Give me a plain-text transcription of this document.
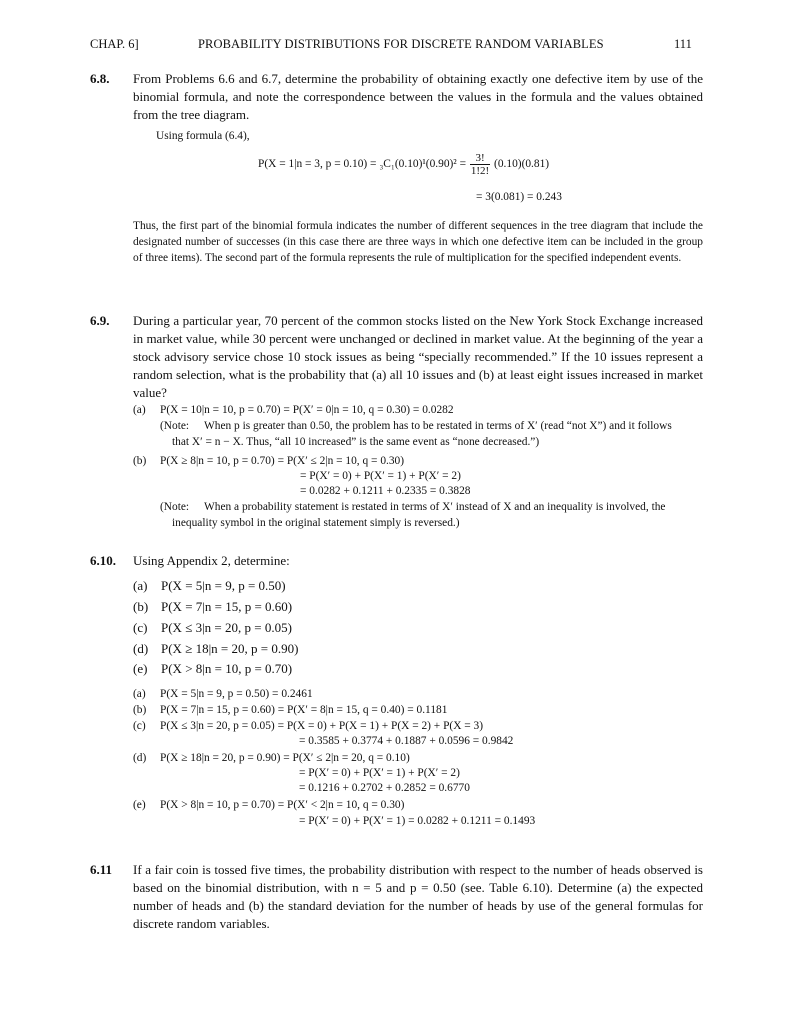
CHAP. 6]	PROBABILITY DISTRIBUTIONS FOR DISCRETE RANDOM VARIABLES	111
6.8. From Problems 6.6 and 6.7, determine the probability of obtaining exactly one defective item by use of the binomial formula, and note the correspondence between the values in the formula and the values obtained from the tree diagram.
Using formula (6.4),
P(X = 1|n = 3, $p = 0.10) = _3C_1(0.10)^1(0.90)^2 = \frac{3!}{1!2!} (0.10)(0.81)$
= 3(0.081) = 0.243
Thus, the first part of the binomial formula indicates the number of different sequences in the tree diagram that include the designated number of successes (in this case there are three ways in which one defective item can be included in the group of three items). The second part of the formula represents the rule of multiplication for the specified independent events.
6.9. During a particular year, 70 percent of the common stocks listed on the New York Stock Exchange increased in market value, while 30 percent were unchanged or declined in market value. At the beginning of the year a stock advisory service chose 10 stock issues as being “specially recommended.” If the 10 issues represent a random selection, what is the probability that (a) all 10 issues and (b) at least eight issues increased in market value?
(a) P(X = 10|n = 10, p = 0.70) = P(X′ = 0|n = 10, q = 0.30) = 0.0282
(Note: When p is greater than 0.50, the problem has to be restated in terms of X′ (read “not X”) and it follows
that X′ = n − X. Thus, “all 10 increased” is the same event as “none decreased.”)
(b) P(X ≥ 8|n = 10, p = 0.70) = P(X′ ≤ 2|n = 10, q = 0.30)
= P(X′ = 0) + P(X′ = 1) + P(X′ = 2)
= 0.0282 + 0.1211 + 0.2335 = 0.3828
(Note: When a probability statement is restated in terms of X′ instead of X and an inequality is involved, the
inequality symbol in the original statement simply is reversed.)
6.10. Using Appendix 2, determine:
(a) P(X = 5|n = 9, p = 0.50)
(b) P(X = 7|n = 15, p = 0.60)
(c) P(X ≤ 3|n = 20, p = 0.05)
(d) P(X ≥ 18|n = 20, p = 0.90)
(e) P(X > 8|n = 10, p = 0.70)
(a) P(X = 5|n = 9, p = 0.50) = 0.2461
(b) P(X = 7|n = 15, p = 0.60) = P(X′ = 8|n = 15, q = 0.40) = 0.1181
(c) P(X ≤ 3|n = 20, p = 0.05) = P(X = 0) + P(X = 1) + P(X = 2) + P(X = 3)
= 0.3585 + 0.3774 + 0.1887 + 0.0596 = 0.9842
(d) P(X ≥ 18|n = 20, p = 0.90) = P(X′ ≤ 2|n = 20, q = 0.10)
= P(X′ = 0) + P(X′ = 1) + P(X′ = 2)
= 0.1216 + 0.2702 + 0.2852 = 0.6770
(e) P(X > 8|n = 10, p = 0.70) = P(X′ < 2|n = 10, q = 0.30)
= P(X′ = 0) + P(X′ = 1) = 0.0282 + 0.1211 = 0.1493
6.11 If a fair coin is tossed five times, the probability distribution with respect to the number of heads observed is based on the binomial distribution, with n = 5 and p = 0.50 (see. Table 6.10). Determine (a) the expected number of heads and (b) the standard deviation for the number of heads by use of the general formulas for discrete random variables.
